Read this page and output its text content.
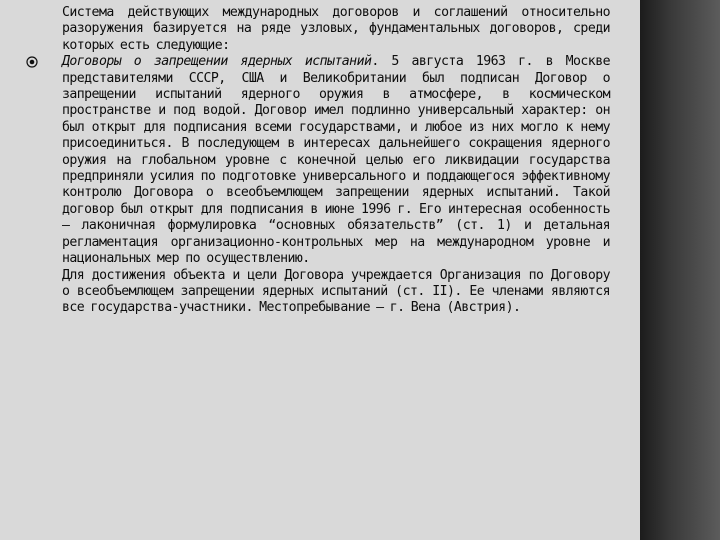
Система действующих международных договоров и соглашений относительно разоружения базируется на ряде узловых, фундаментальных договоров, среди которых есть следующие:

Договоры о запрещении ядерных испытаний. 5 августа 1963 г. в Москве представителями СССР, США и Великобритании был подписан Договор о запрещении испытаний ядерного оружия в атмосфере, в космическом пространстве и под водой. Договор имел подлинно универсальный характер: он был открыт для подписания всеми государствами, и любое из них могло к нему присоединиться. В последующем в интересах дальнейшего сокращения ядерного оружия на глобальном уровне с конечной целью его ликвидации государства предприняли усилия по подготовке универсального и поддающегося эффективному контролю Договора о всеобъемлющем запрещении ядерных испытаний. Такой договор был открыт для подписания в июне 1996 г. Его интересная особенность – лаконичная формулировка “основных обязательств” (ст. 1) и детальная регламентация организационно-контрольных мер на международном уровне и национальных мер по осуществлению.

Для достижения объекта и цели Договора учреждается Организация по Договору о всеобъемлющем запрещении ядерных испытаний (ст. II). Ее членами являются все государства-участники. Местопребывание – г. Вена (Австрия).
